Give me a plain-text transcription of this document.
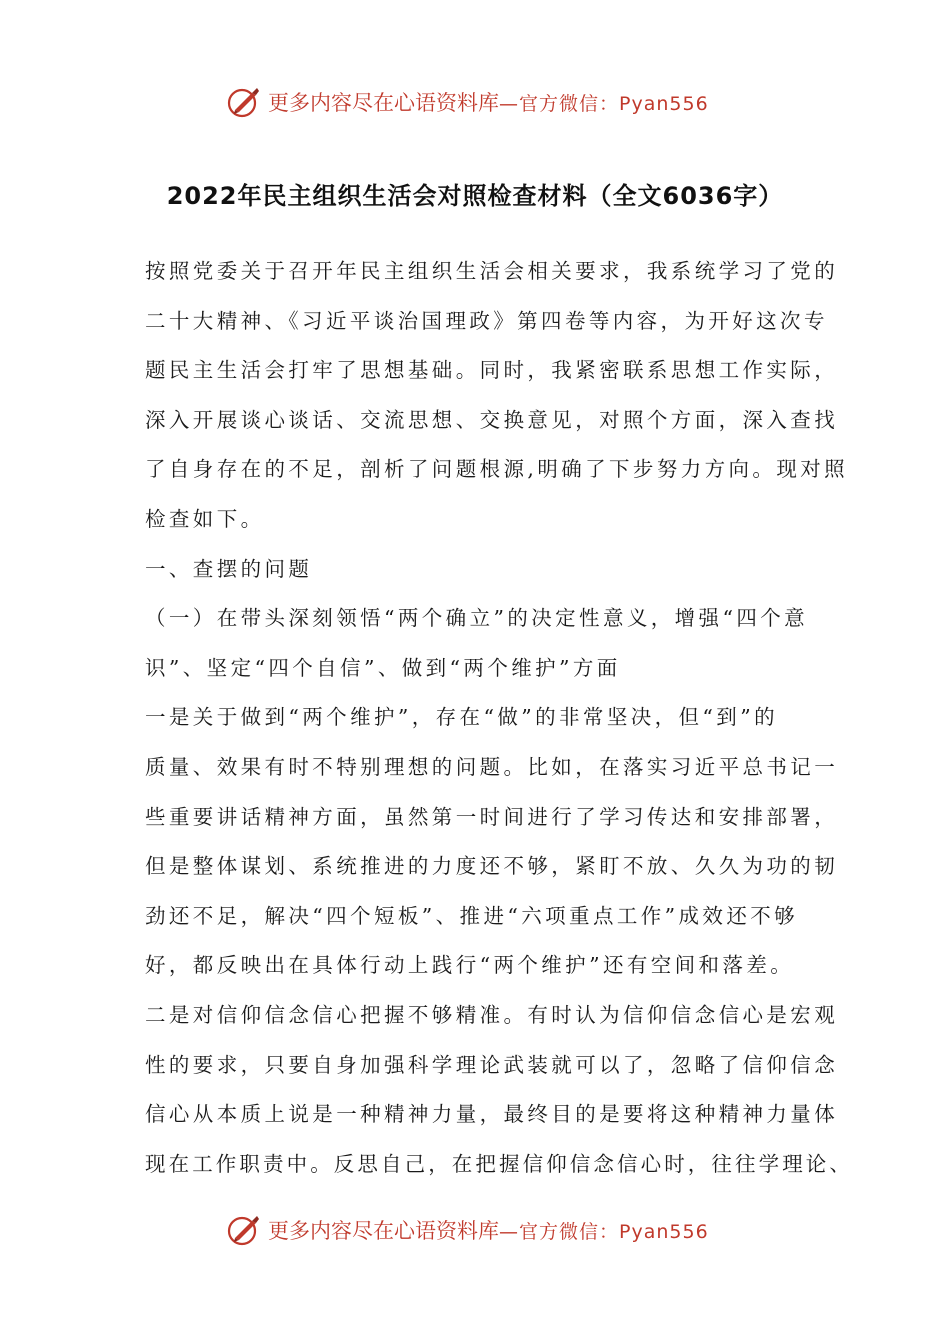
更多内容尽在心语资料库 —官方微信：Pyan556
2022年民主组织生活会对照检查材料（全文6036字）
按照党委关于召开年民主组织生活会相关要求，我系统学习了党的
二十大精神、《习近平谈治国理政》第四卷等内容，为开好这次专
题民主生活会打牢了思想基础。同时，我紧密联系思想工作实际，
深入开展谈心谈话、交流思想、交换意见，对照个方面，深入查找
了自身存在的不足，剖析了问题根源,明确了下步努力方向。现对照
检查如下。
一、查摆的问题
（一）在带头深刻领悟“两个确立”的决定性意义，增强“四个意
识”、坚定“四个自信”、做到“两个维护”方面
一是关于做到“两个维护”，存在“做”的非常坚决，但“到”的
质量、效果有时不特别理想的问题。比如，在落实习近平总书记一
些重要讲话精神方面，虽然第一时间进行了学习传达和安排部署，
但是整体谋划、系统推进的力度还不够，紧盯不放、久久为功的韧
劲还不足，解决“四个短板”、推进“六项重点工作”成效还不够
好，都反映出在具体行动上践行“两个维护”还有空间和落差。
二是对信仰信念信心把握不够精准。有时认为信仰信念信心是宏观
性的要求，只要自身加强科学理论武装就可以了，忽略了信仰信念
信心从本质上说是一种精神力量，最终目的是要将这种精神力量体
现在工作职责中。反思自己，在把握信仰信念信心时，往往学理论、
更多内容尽在心语资料库 —官方微信：Pyan556
